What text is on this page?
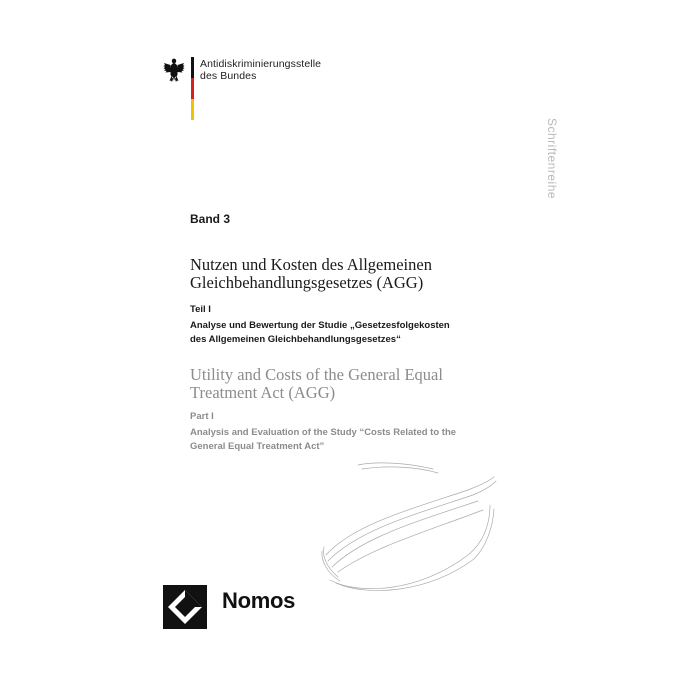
Antidiskriminierungsstelle
des Bundes
Schriftenreihe
Band 3
Nutzen und Kosten des Allgemeinen
Gleichbehandlungsgesetzes (AGG)
Teil I
Analyse und Bewertung der Studie „Gesetzesfolgekosten
des Allgemeinen Gleichbehandlungsgesetzes“
Utility and Costs of the General Equal
Treatment Act (AGG)
Part I
Analysis and Evaluation of the Study “Costs Related to the
General Equal Treatment Act”
Nomos
